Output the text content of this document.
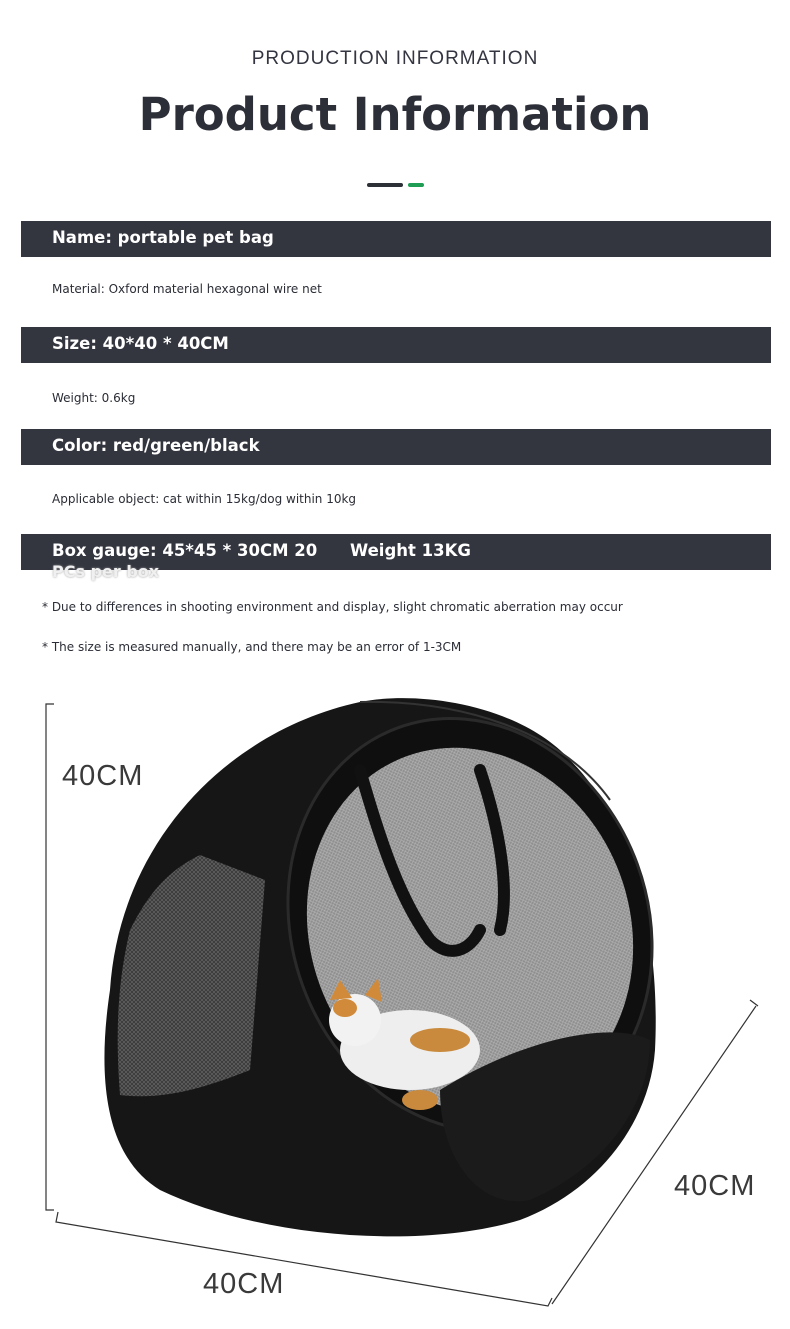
PRODUCTION INFORMATION
Product Information
Name: portable pet bag
Material: Oxford material hexagonal wire net
Size: 40*40 * 40CM
Weight: 0.6kg
Color: red/green/black
Applicable object: cat within 15kg/dog within 10kg
Box gauge: 45*45 * 30CM 20
PCs per box
Weight 13KG
* Due to differences in shooting environment and display, slight chromatic aberration may occur
* The size is measured manually, and there may be an error of 1-3CM
40CM
40CM
40CM
